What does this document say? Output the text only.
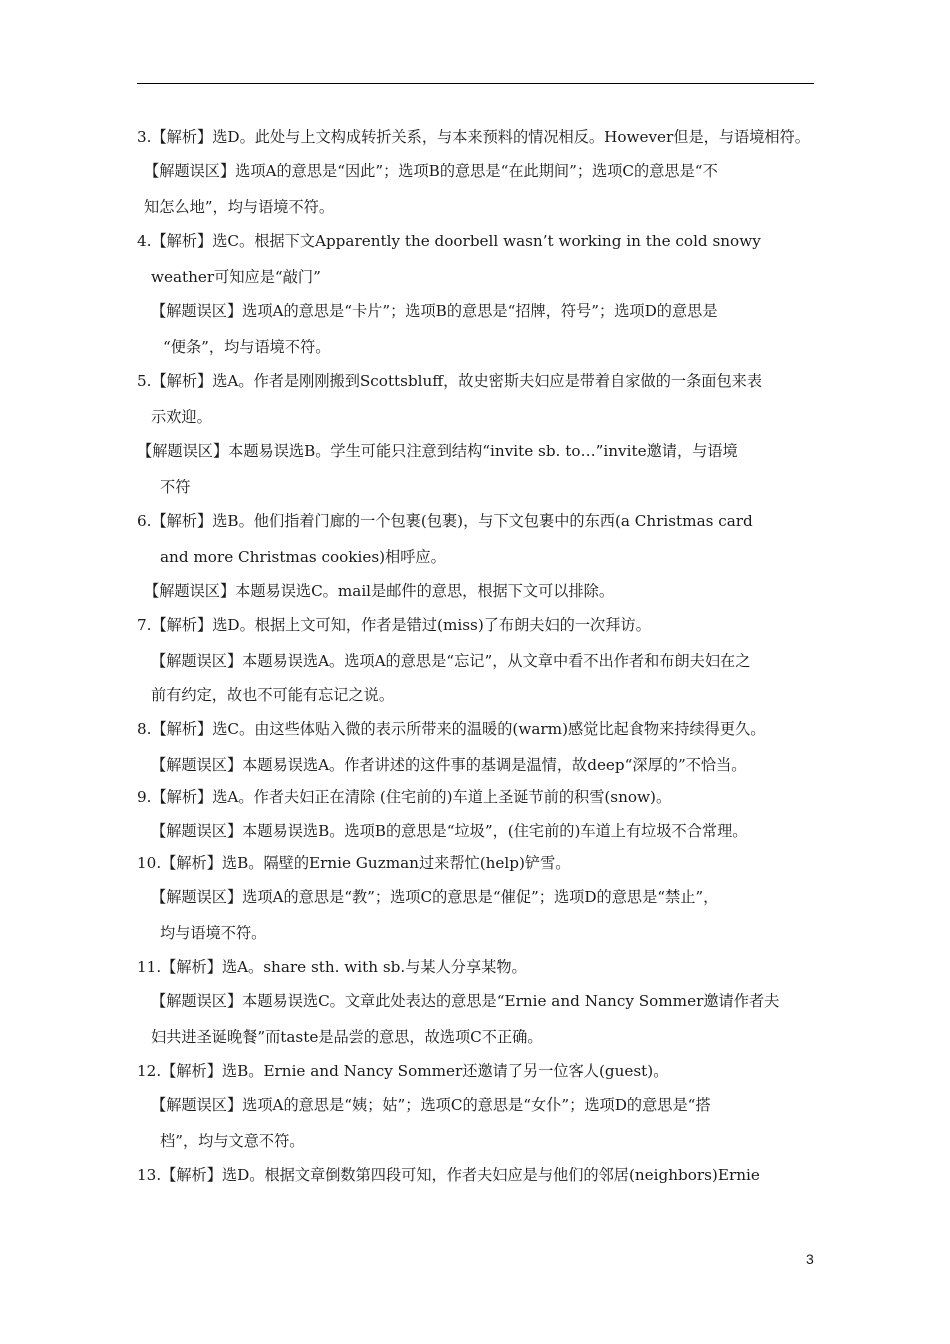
3.【解析】选D。此处与上文构成转折关系，与本来预料的情况相反。However但是，与语境相符。
【解题误区】选项A的意思是“因此”；选项B的意思是“在此期间”；选项C的意思是“不
知怎么地”，均与语境不符。
4.【解析】选C。根据下文Apparently the doorbell wasn’t working in the cold snowy
weather可知应是“敲门”
【解题误区】选项A的意思是“卡片”；选项B的意思是“招牌，符号”；选项D的意思是
“便条”，均与语境不符。
5.【解析】选A。作者是刚刚搬到Scottsbluff，故史密斯夫妇应是带着自家做的一条面包来表
示欢迎。
【解题误区】本题易误选B。学生可能只注意到结构“invite sb. to…”invite邀请，与语境
不符
6.【解析】选B。他们指着门廊的一个包裹(包裹)，与下文包裹中的东西(a Christmas card
and more Christmas cookies)相呼应。
【解题误区】本题易误选C。mail是邮件的意思，根据下文可以排除。
7.【解析】选D。根据上文可知，作者是错过(miss)了布朗夫妇的一次拜访。
【解题误区】本题易误选A。选项A的意思是“忘记”，从文章中看不出作者和布朗夫妇在之
前有约定，故也不可能有忘记之说。
8.【解析】选C。由这些体贴入微的表示所带来的温暖的(warm)感觉比起食物来持续得更久。
【解题误区】本题易误选A。作者讲述的这件事的基调是温情，故deep“深厚的”不恰当。
9.【解析】选A。作者夫妇正在清除 (住宅前的)车道上圣诞节前的积雪(snow)。
【解题误区】本题易误选B。选项B的意思是“垃圾”，(住宅前的)车道上有垃圾不合常理。
10.【解析】选B。隔壁的Ernie Guzman过来帮忙(help)铲雪。
【解题误区】选项A的意思是“教”；选项C的意思是“催促”；选项D的意思是“禁止”，
均与语境不符。
11.【解析】选A。share sth. with sb.与某人分享某物。
【解题误区】本题易误选C。文章此处表达的意思是“Ernie and Nancy Sommer邀请作者夫
妇共进圣诞晚餐”而taste是品尝的意思，故选项C不正确。
12.【解析】选B。Ernie and Nancy Sommer还邀请了另一位客人(guest)。
【解题误区】选项A的意思是“姨；姑”；选项C的意思是“女仆”；选项D的意思是“搭
档”，均与文意不符。
13.【解析】选D。根据文章倒数第四段可知，作者夫妇应是与他们的邻居(neighbors)Ernie
3
